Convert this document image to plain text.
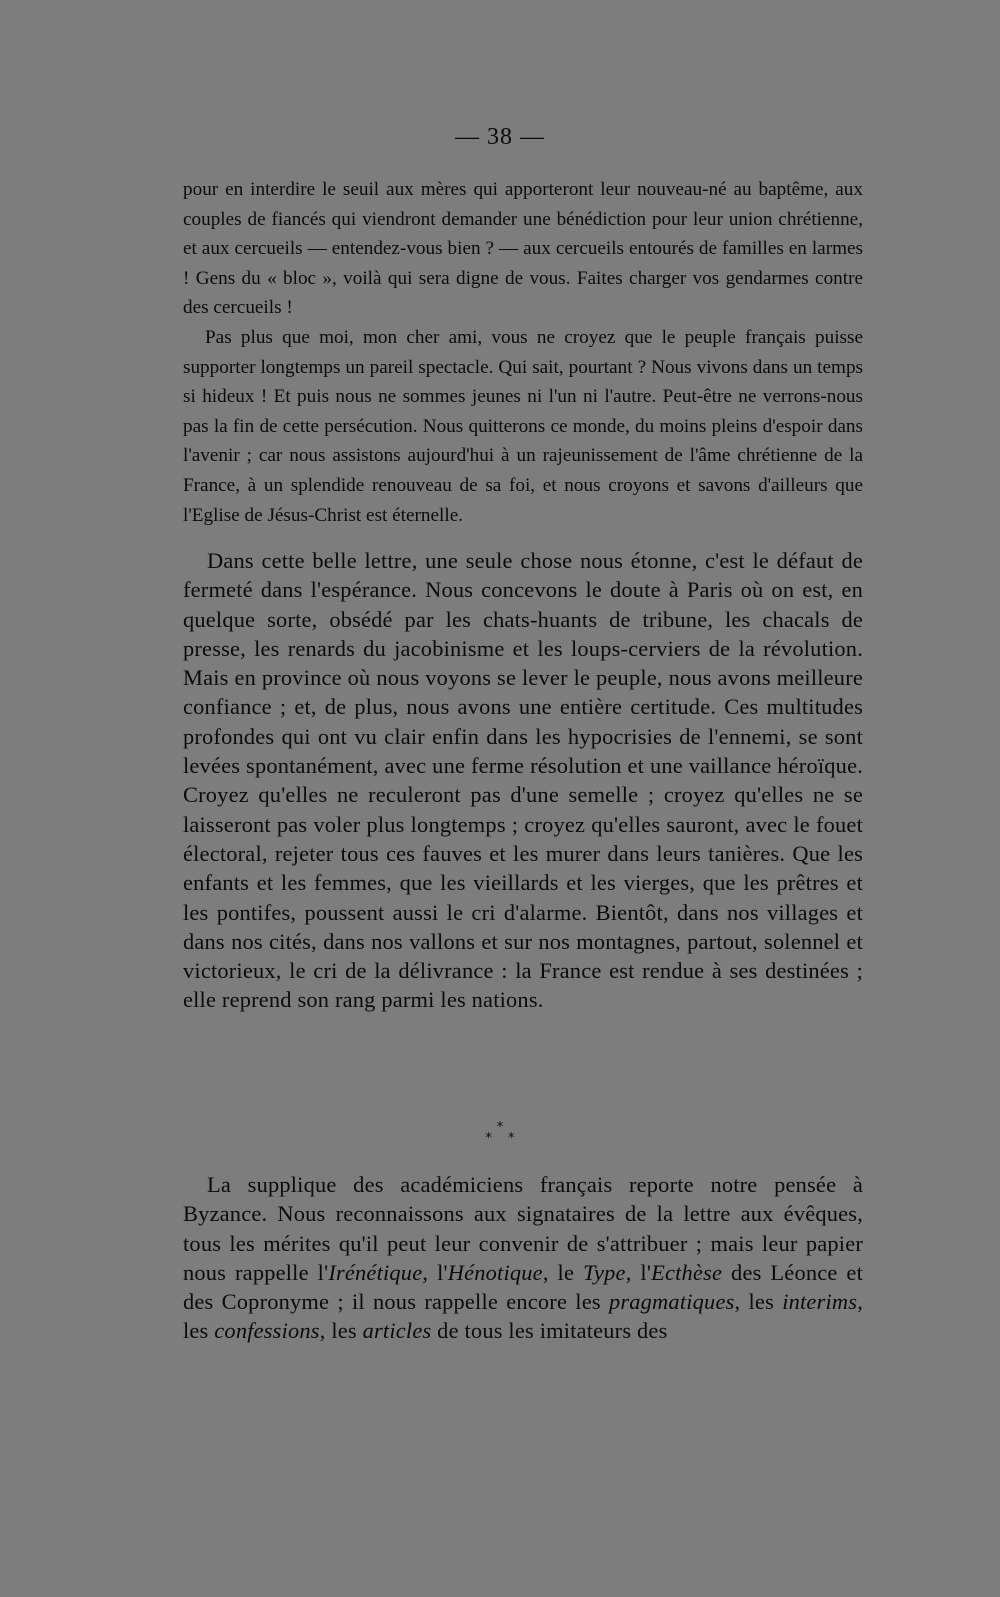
— 38 —

pour en interdire le seuil aux mères qui apporteront leur nouveau-né au baptême, aux couples de fiancés qui viendront demander une bénédiction pour leur union chrétienne, et aux cercueils — entendez-vous bien ? — aux cercueils entourés de familles en larmes ! Gens du « bloc », voilà qui sera digne de vous. Faites charger vos gendarmes contre des cercueils !

Pas plus que moi, mon cher ami, vous ne croyez que le peuple français puisse supporter longtemps un pareil spectacle. Qui sait, pourtant ? Nous vivons dans un temps si hideux ! Et puis nous ne sommes jeunes ni l'un ni l'autre. Peut-être ne verrons-nous pas la fin de cette persécution. Nous quitterons ce monde, du moins pleins d'espoir dans l'avenir ; car nous assistons aujourd'hui à un rajeunissement de l'âme chrétienne de la France, à un splendide renouveau de sa foi, et nous croyons et savons d'ailleurs que l'Eglise de Jésus-Christ est éternelle.

Dans cette belle lettre, une seule chose nous étonne, c'est le défaut de fermeté dans l'espérance. Nous concevons le doute à Paris où on est, en quelque sorte, obsédé par les chats-huants de tribune, les chacals de presse, les renards du jacobinisme et les loups-cerviers de la révolution. Mais en province où nous voyons se lever le peuple, nous avons meilleure confiance ; et, de plus, nous avons une entière certitude. Ces multitudes profondes qui ont vu clair enfin dans les hypocrisies de l'ennemi, se sont levées spontanément, avec une ferme résolution et une vaillance héroïque. Croyez qu'elles ne reculeront pas d'une semelle ; croyez qu'elles ne se laisseront pas voler plus longtemps ; croyez qu'elles sauront, avec le fouet électoral, rejeter tous ces fauves et les murer dans leurs tanières. Que les enfants et les femmes, que les vieillards et les vierges, que les prêtres et les pontifes, poussent aussi le cri d'alarme. Bientôt, dans nos villages et dans nos cités, dans nos vallons et sur nos montagnes, partout, solennel et victorieux, le cri de la délivrance : la France est rendue à ses destinées ; elle reprend son rang parmi les nations.

*
* *

La supplique des académiciens français reporte notre pensée à Byzance. Nous reconnaissons aux signataires de la lettre aux évêques, tous les mérites qu'il peut leur convenir de s'attribuer ; mais leur papier nous rappelle l'Irénétique, l'Hénotique, le Type, l'Ecthèse des Léonce et des Copronyme ; il nous rappelle encore les pragmatiques, les interims, les confessions, les articles de tous les imitateurs des
